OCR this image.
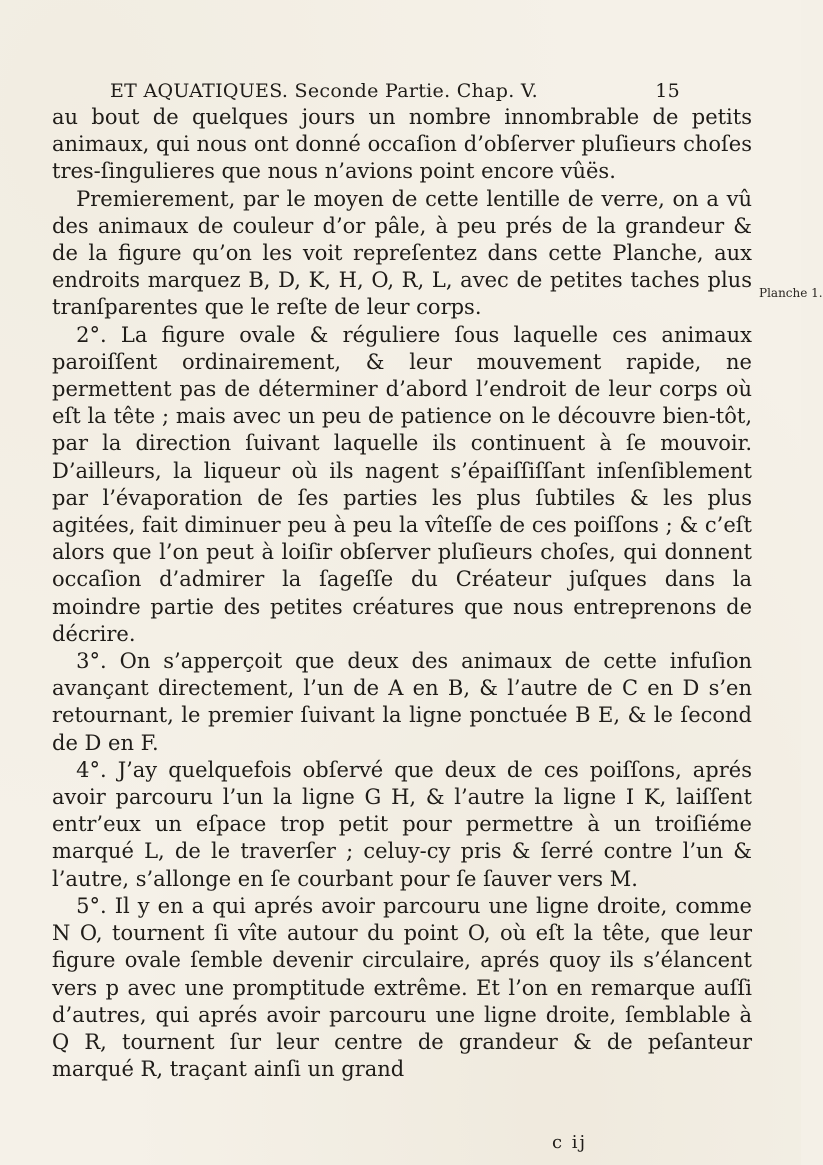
ET AQUATIQUES. Seconde Partie. Chap. V.	15

au bout de quelques jours un nombre innombrable de petits animaux, qui nous ont donné occaſion d’obſerver pluſieurs choſes tres-ſingulieres que nous n’avions point encore vûës.

Premierement, par le moyen de cette lentille de verre, on a vû des animaux de couleur d’or pâle, à peu prés de la grandeur & de la figure qu’on les voit repreſentez dans cette Planche, aux endroits marquez B, D, K, H, O, R, L, avec de petites taches plus tranſparentes que le reſte de leur corps.

2°. La figure ovale & réguliere ſous laquelle ces animaux paroiſſent ordinairement, & leur mouvement rapide, ne permettent pas de déterminer d’abord l’endroit de leur corps où eſt la tête ; mais avec un peu de patience on le découvre bien-tôt, par la direction ſuivant laquelle ils continuent à ſe mouvoir. D’ailleurs, la liqueur où ils nagent s’épaiſſiſſant inſenſiblement par l’évaporation de ſes parties les plus ſubtiles & les plus agitées, fait diminuer peu à peu la vîteſſe de ces poiſſons ; & c’eſt alors que l’on peut à loiſir obſerver pluſieurs choſes, qui donnent occaſion d’admirer la ſageſſe du Créateur juſques dans la moindre partie des petites créatures que nous entreprenons de décrire.

3°. On s’apperçoit que deux des animaux de cette infuſion avançant directement, l’un de A en B, & l’autre de C en D s’en retournant, le premier ſuivant la ligne ponctuée B E, & le ſecond de D en F.

4°. J’ay quelquefois obſervé que deux de ces poiſſons, aprés avoir parcouru l’un la ligne G H, & l’autre la ligne I K, laiſſent entr’eux un eſpace trop petit pour permettre à un troiſiéme marqué L, de le traverſer ; celuy-cy pris & ſerré contre l’un & l’autre, s’allonge en ſe courbant pour ſe ſauver vers M.

5°. Il y en a qui aprés avoir parcouru une ligne droite, comme N O, tournent ſi vîte autour du point O, où eſt la tête, que leur figure ovale ſemble devenir circulaire, aprés quoy ils s’élancent vers p avec une promptitude extrême. Et l’on en remarque auſſi d’autres, qui aprés avoir parcouru une ligne droite, ſemblable à Q R, tournent ſur leur centre de grandeur & de peſanteur marqué R, traçant ainſi un grand

Planche 1.
c ij
